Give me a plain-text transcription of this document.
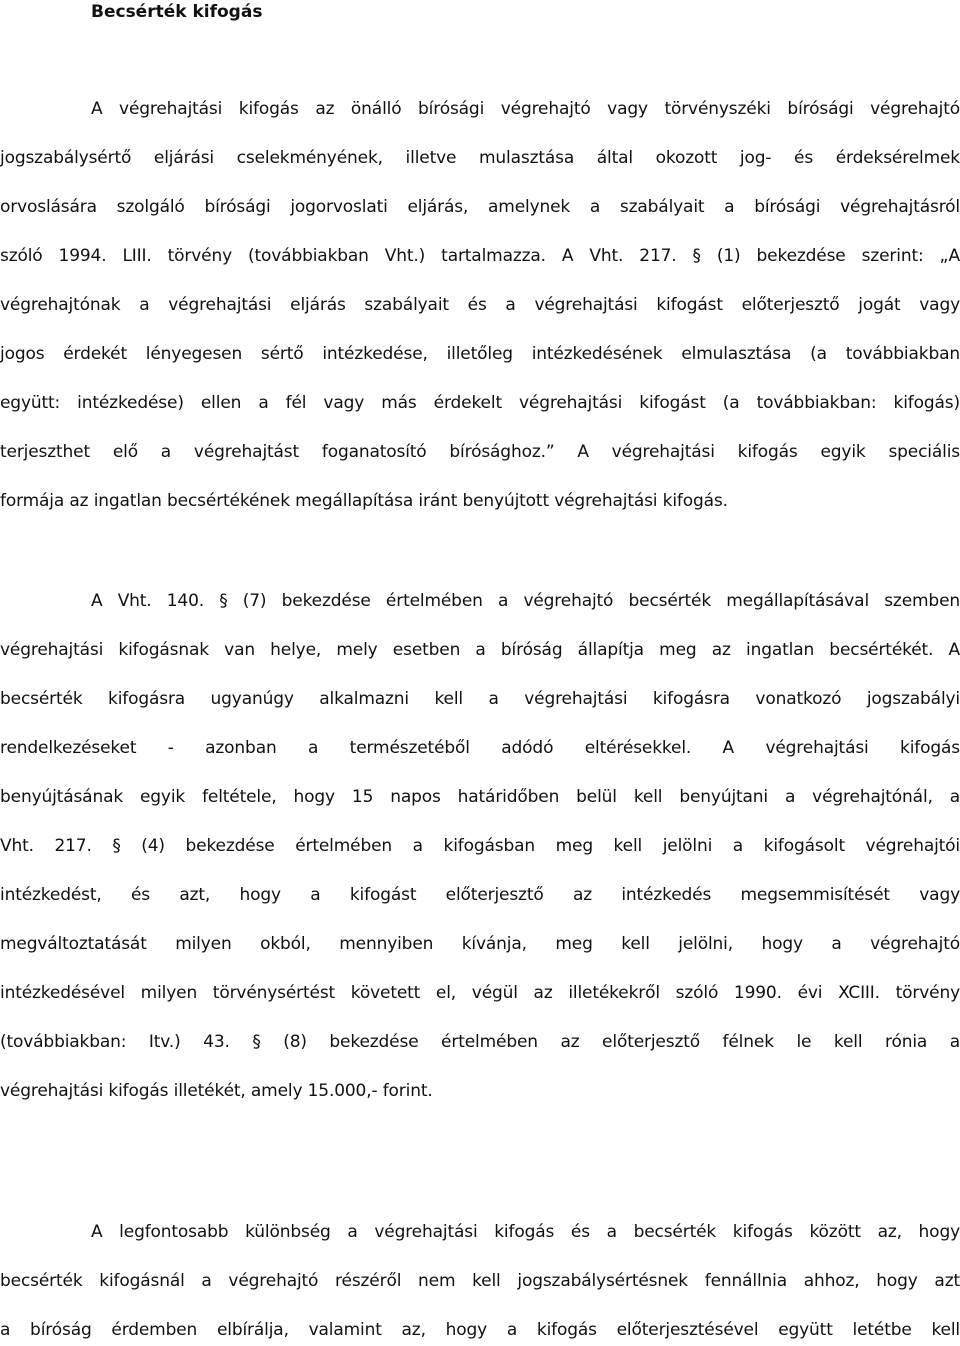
Becsérték kifogás
A végrehajtási kifogás az önálló bírósági végrehajtó vagy törvényszéki bírósági végrehajtó
jogszabálysértő eljárási cselekményének, illetve mulasztása által okozott jog- és érdeksérelmek
orvoslására szolgáló bírósági jogorvoslati eljárás, amelynek a szabályait a bírósági végrehajtásról
szóló 1994. LIII. törvény (továbbiakban Vht.) tartalmazza. A Vht. 217. § (1) bekezdése szerint: „A
végrehajtónak a végrehajtási eljárás szabályait és a végrehajtási kifogást előterjesztő jogát vagy
jogos érdekét lényegesen sértő intézkedése, illetőleg intézkedésének elmulasztása (a továbbiakban
együtt: intézkedése) ellen a fél vagy más érdekelt végrehajtási kifogást (a továbbiakban: kifogás)
terjeszthet elő a végrehajtást foganatosító bírósághoz.” A végrehajtási kifogás egyik speciális
formája az ingatlan becsértékének megállapítása iránt benyújtott végrehajtási kifogás.
A Vht. 140. § (7) bekezdése értelmében a végrehajtó becsérték megállapításával szemben
végrehajtási kifogásnak van helye, mely esetben a bíróság állapítja meg az ingatlan becsértékét. A
becsérték kifogásra ugyanúgy alkalmazni kell a végrehajtási kifogásra vonatkozó jogszabályi
rendelkezéseket - azonban a természetéből adódó eltérésekkel. A végrehajtási kifogás
benyújtásának egyik feltétele, hogy 15 napos határidőben belül kell benyújtani a végrehajtónál, a
Vht. 217. § (4) bekezdése értelmében a kifogásban meg kell jelölni a kifogásolt végrehajtói
intézkedést, és azt, hogy a kifogást előterjesztő az intézkedés megsemmisítését vagy
megváltoztatását milyen okból, mennyiben kívánja, meg kell jelölni, hogy a végrehajtó
intézkedésével milyen törvénysértést követett el, végül az illetékekről szóló 1990. évi XCIII. törvény
(továbbiakban: Itv.) 43. § (8) bekezdése értelmében az előterjesztő félnek le kell rónia a
végrehajtási kifogás illetékét, amely 15.000,- forint.
A legfontosabb különbség a végrehajtási kifogás és a becsérték kifogás között az, hogy
becsérték kifogásnál a végrehajtó részéről nem kell jogszabálysértésnek fennállnia ahhoz, hogy azt
a bíróság érdemben elbírálja, valamint az, hogy a kifogás előterjesztésével együtt letétbe kell
